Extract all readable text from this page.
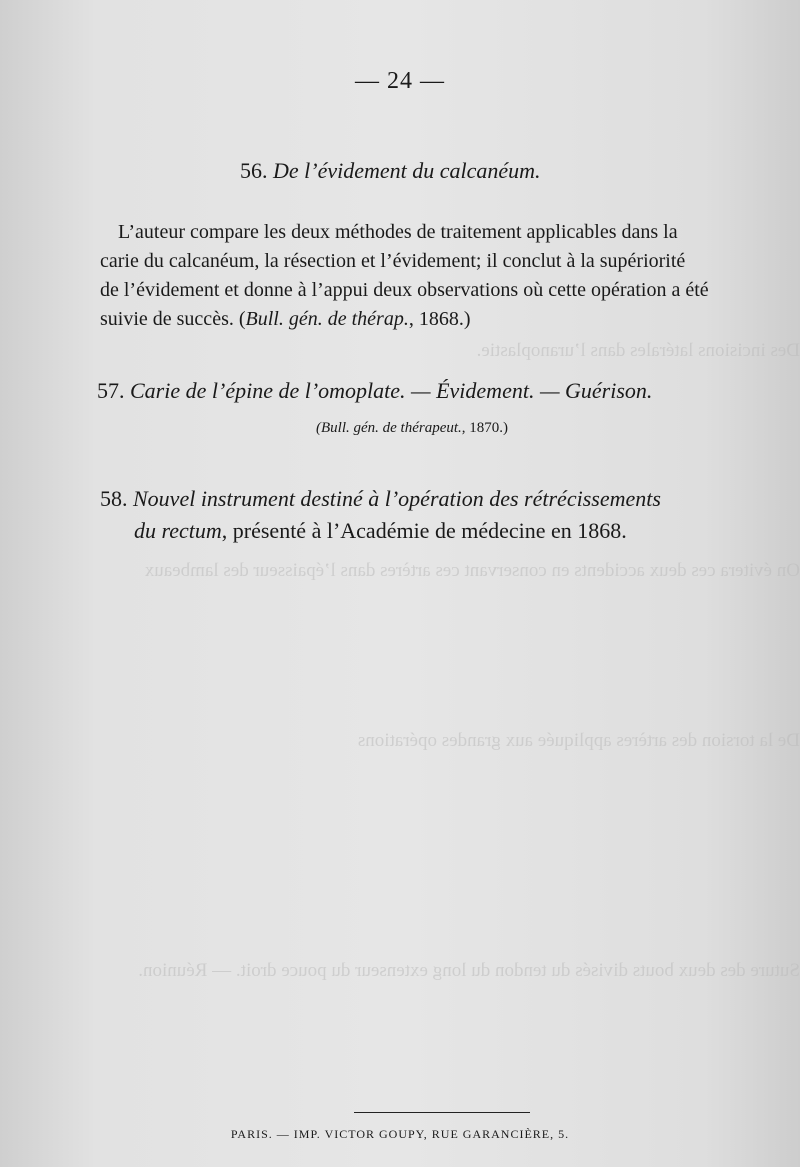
Des incisions latérales dans l’uranoplastie.
On évitera ces deux accidents en conservant ces artères dans l’épaisseur des lambeaux
De la torsion des artères appliquée aux grandes opérations
Suture des deux bouts divisés du tendon du long extenseur du pouce droit. — Réunion.
— 24 —
56. De l’évidement du calcanéum.
L’auteur compare les deux méthodes de traitement applicables dans la
carie du calcanéum, la résection et l’évidement; il conclut à la supériorité
de l’évidement et donne à l’appui deux observations où cette opération a été
suivie de succès. (Bull. gén. de thérap., 1868.)
57. Carie de l’épine de l’omoplate. — Évidement. — Guérison.
(Bull. gén. de thérapeut., 1870.)
58. Nouvel instrument destiné à l’opération des rétrécissements
du rectum, présenté à l’Académie de médecine en 1868.
PARIS. — IMP. VICTOR GOUPY, RUE GARANCIÈRE, 5.
